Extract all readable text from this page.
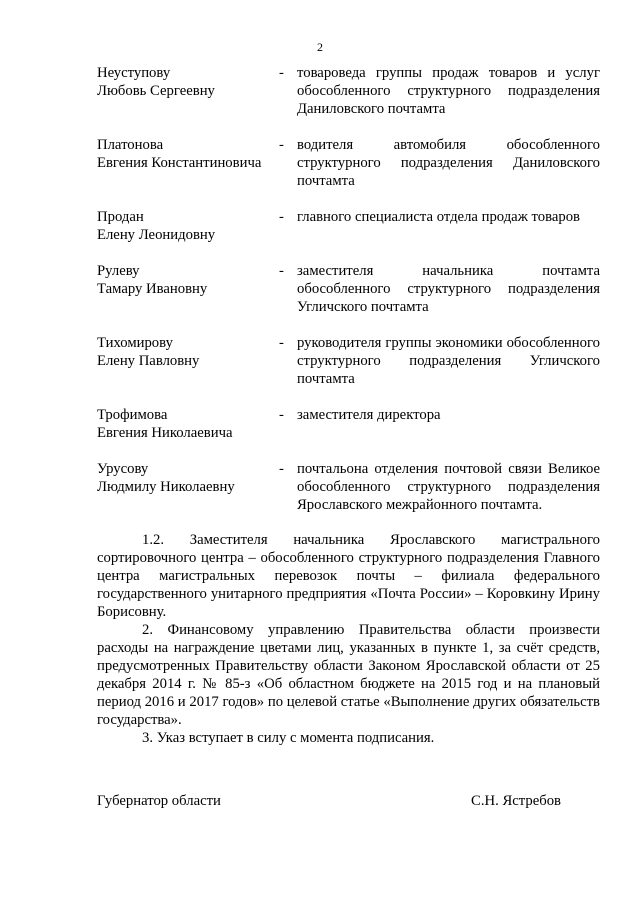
2
Неуступову
Любовь Сергеевну
- товароведа группы продаж товаров и услуг обособленного структурного подразделения Даниловского почтамта
Платонова
Евгения Константиновича
- водителя автомобиля обособленного структурного подразделения Даниловского почтамта
Продан
Елену Леонидовну
- главного специалиста отдела продаж товаров
Рулеву
Тамару Ивановну
- заместителя начальника почтамта обособленного структурного подразделения Угличского почтамта
Тихомирову
Елену Павловну
- руководителя группы экономики обособленного структурного подразделения Угличского почтамта
Трофимова
Евгения Николаевича
- заместителя директора
Урусову
Людмилу Николаевну
- почтальона отделения почтовой связи Великое обособленного структурного подразделения Ярославского межрайонного почтамта.

1.2. Заместителя начальника Ярославского магистрального сортировочного центра – обособленного структурного подразделения Главного центра магистральных перевозок почты – филиала федерального государственного унитарного предприятия «Почта России» – Коровкину Ирину Борисовну.

2. Финансовому управлению Правительства области произвести расходы на награждение цветами лиц, указанных в пункте 1, за счёт средств, предусмотренных Правительству области Законом Ярославской области от 25 декабря 2014 г. № 85-з «Об областном бюджете на 2015 год и на плановый период 2016 и 2017 годов» по целевой статье «Выполнение других обязательств государства».

3. Указ вступает в силу с момента подписания.

Губернатор области	С.Н. Ястребов
